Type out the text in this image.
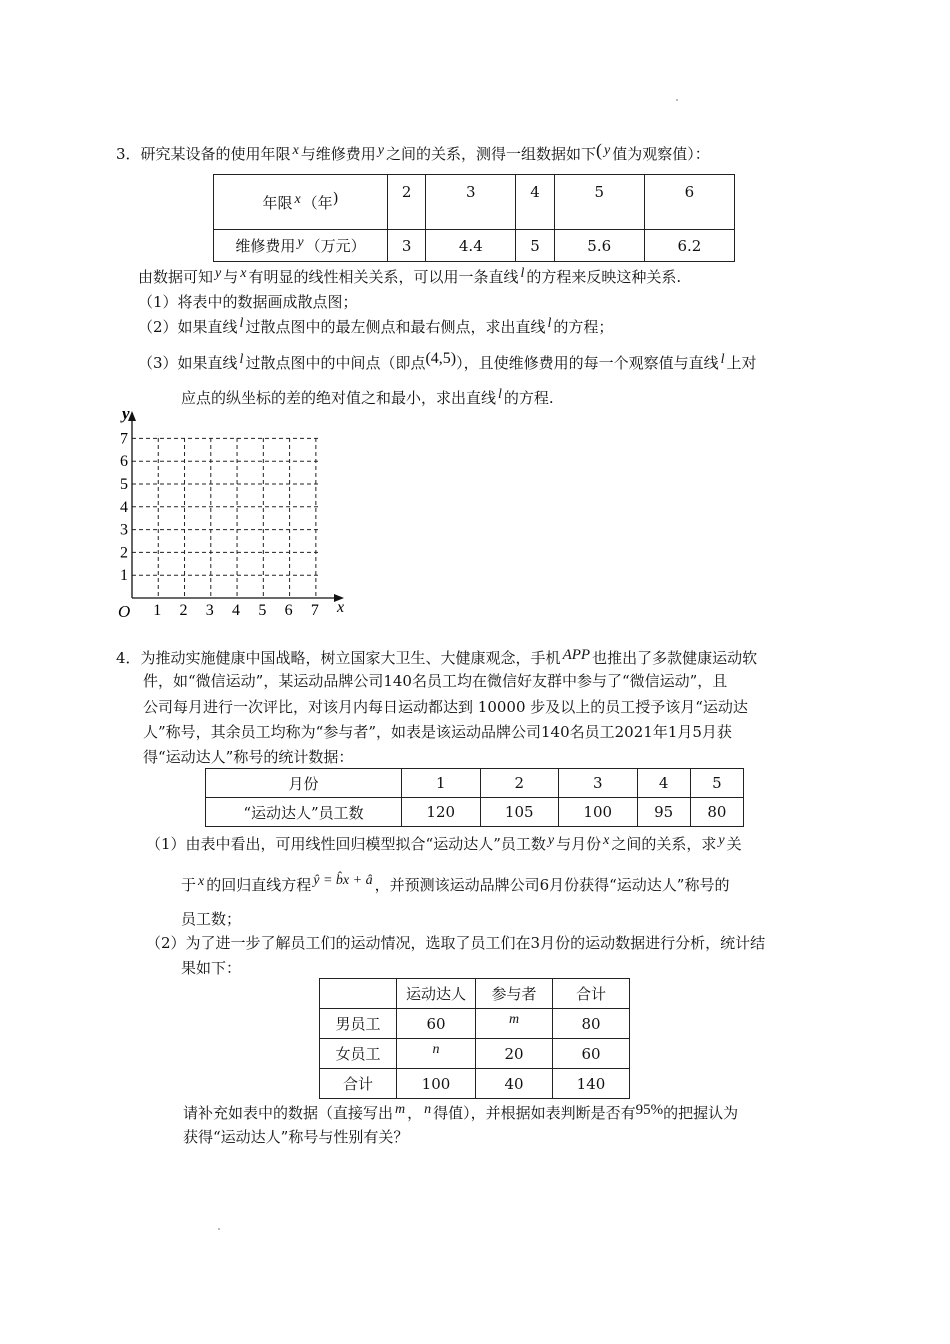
3．研究某设备的使用年限 x 与维修费用 y 之间的关系，测得一组数据如下( y 值为观察值）：
年限 x （年)	2	3	4	5	6
维修费用 y （万元）	3	4.4	5	5.6	6.2
由数据可知 y 与 x 有明显的线性相关关系，可以用一条直线 l 的方程来反映这种关系.
（1）将表中的数据画成散点图；
（2）如果直线 l 过散点图中的最左侧点和最右侧点，求出直线 l 的方程；
（3）如果直线 l 过散点图中的中间点（即点(4,5)），且使维修费用的每一个观察值与直线 l 上对
应点的纵坐标的差的绝对值之和最小，求出直线 l 的方程.
y
x
O 1 2 3 4 5 6 7
1
2
3
4
5
6
7
4．为推动实施健康中国战略，树立国家大卫生、大健康观念，手机 APP 也推出了多款健康运动软
件，如“微信运动”，某运动品牌公司140名员工均在微信好友群中参与了“微信运动”，且
公司每月进行一次评比，对该月内每日运动都达到 10000 步及以上的员工授予该月“运动达
人”称号，其余员工均称为“参与者”，如表是该运动品牌公司140名员工2021年1月5月获
得“运动达人”称号的统计数据：
月份	1	2	3	4	5
“运动达人”员工数	120	105	100	95	80
（1）由表中看出，可用线性回归模型拟合“运动达人”员工数 y 与月份 x 之间的关系，求 y 关
于 x 的回归直线方程 ŷ = b̂x + â ，并预测该运动品牌公司6月份获得“运动达人”称号的
员工数；
（2）为了进一步了解员工们的运动情况，选取了员工们在3月份的运动数据进行分析，统计结
果如下：
	运动达人	参与者	合计
男员工	60	m	80
女员工	n	20	60
合计	100	40	140
请补充如表中的数据（直接写出 m ， n 得值），并根据如表判断是否有95%的把握认为
获得“运动达人”称号与性别有关？
